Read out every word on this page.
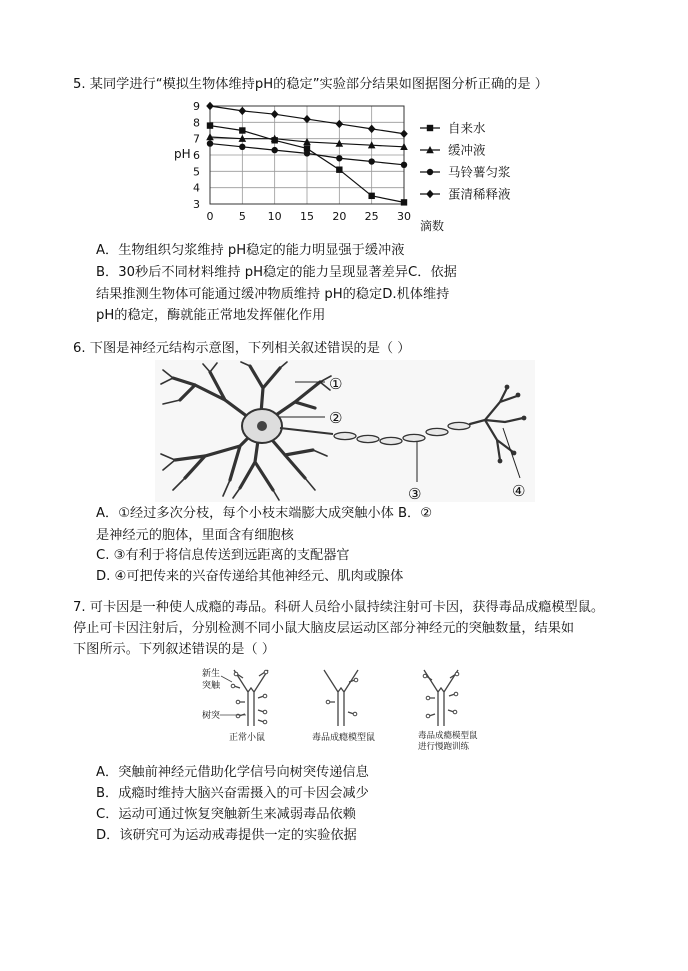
5. 某同学进行“模拟生物体维持pH的稳定”实验部分结果如图据图分析正确的是 ）
3
4
5
6
7
8
9
0 5 10 15 20 25 30
自来水
缓冲液
马铃薯匀浆
蛋清稀释液
pH
滴数
A．生物组织匀浆维持 pH稳定的能力明显强于缓冲液
B．30秒后不同材料维持 pH稳定的能力呈现显著差异C．依据
结果推测生物体可能通过缓冲物质维持 pH的稳定D.机体维持
pH的稳定，酶就能正常地发挥催化作用
6. 下图是神经元结构示意图，下列相关叙述错误的是（ ）
①
②
③	④
A．①经过多次分枝，每个小枝末端膨大成突触小体 B．②
是神经元的胞体，里面含有细胞核
C. ③有利于将信息传送到远距离的支配器官
D. ④可把传来的兴奋传递给其他神经元、肌肉或腺体
7. 可卡因是一种使人成瘾的毒品。科研人员给小鼠持续注射可卡因，获得毒品成瘾模型鼠。
停止可卡因注射后，分别检测不同小鼠大脑皮层运动区部分神经元的突触数量，结果如
下图所示。下列叙述错误的是（ ）
新生
突触
树突
正常小鼠	毒品成瘾模型鼠	毒品成瘾模型鼠
进行慢跑训练
A．突触前神经元借助化学信号向树突传递信息
B．成瘾时维持大脑兴奋需摄入的可卡因会减少
C．运动可通过恢复突触新生来减弱毒品依赖
D．该研究可为运动戒毒提供一定的实验依据
